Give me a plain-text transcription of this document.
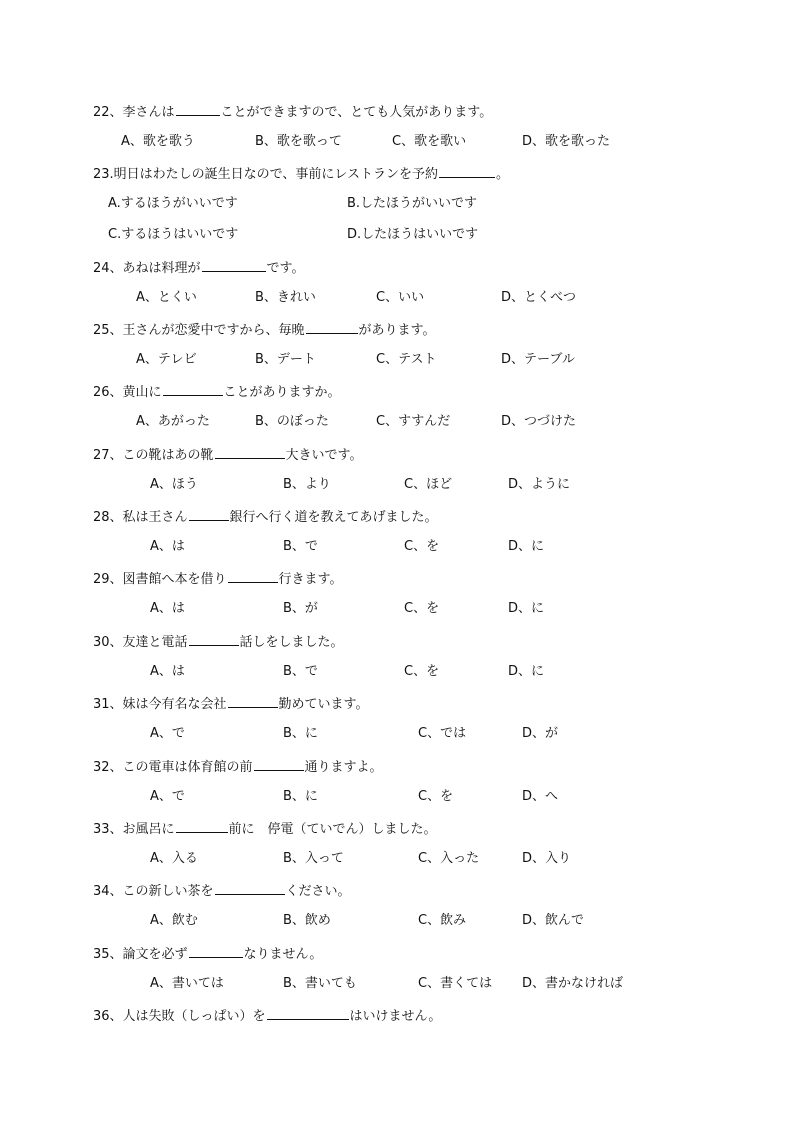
22、李さんは	ことができますので、とても人気があります。
A、歌を歌う	B、歌を歌って	C、歌を歌い	D、歌を歌った
23.明日はわたしの誕生日なので、事前にレストランを予約	。
A.するほうがいいです	B.したほうがいいです
C.するほうはいいです	D.したほうはいいです
24、あねは料理が	です。
A、とくい	B、きれい	C、いい	D、とくべつ
25、王さんが恋愛中ですから、毎晩	があります。
A、テレビ	B、デート	C、テスト	D、テーブル
26、黄山に	ことがありますか。
A、あがった	B、のぼった	C、すすんだ	D、つづけた
27、この靴はあの靴	大きいです。
A、ほう	B、より	C、ほど	D、ように
28、私は王さん	銀行へ行く道を教えてあげました。
A、は	B、で	C、を	D、に
29、図書館へ本を借り	行きます。
A、は	B、が	C、を	D、に
30、友達と電話	話しをしました。
A、は	B、で	C、を	D、に
31、妹は今有名な会社	勤めています。
A、で	B、に	C、では	D、が
32、この電車は体育館の前	通りますよ。
A、で	B、に	C、を	D、へ
33、お風呂に	前に　停電（ていでん）しました。
A、入る	B、入って	C、入った	D、入り
34、この新しい茶を	ください。
A、飲む	B、飲め	C、飲み	D、飲んで
35、論文を必ず	なりません。
A、書いては	B、書いても	C、書くては D、書かなければ
36、人は失敗（しっぱい）を	はいけません。
